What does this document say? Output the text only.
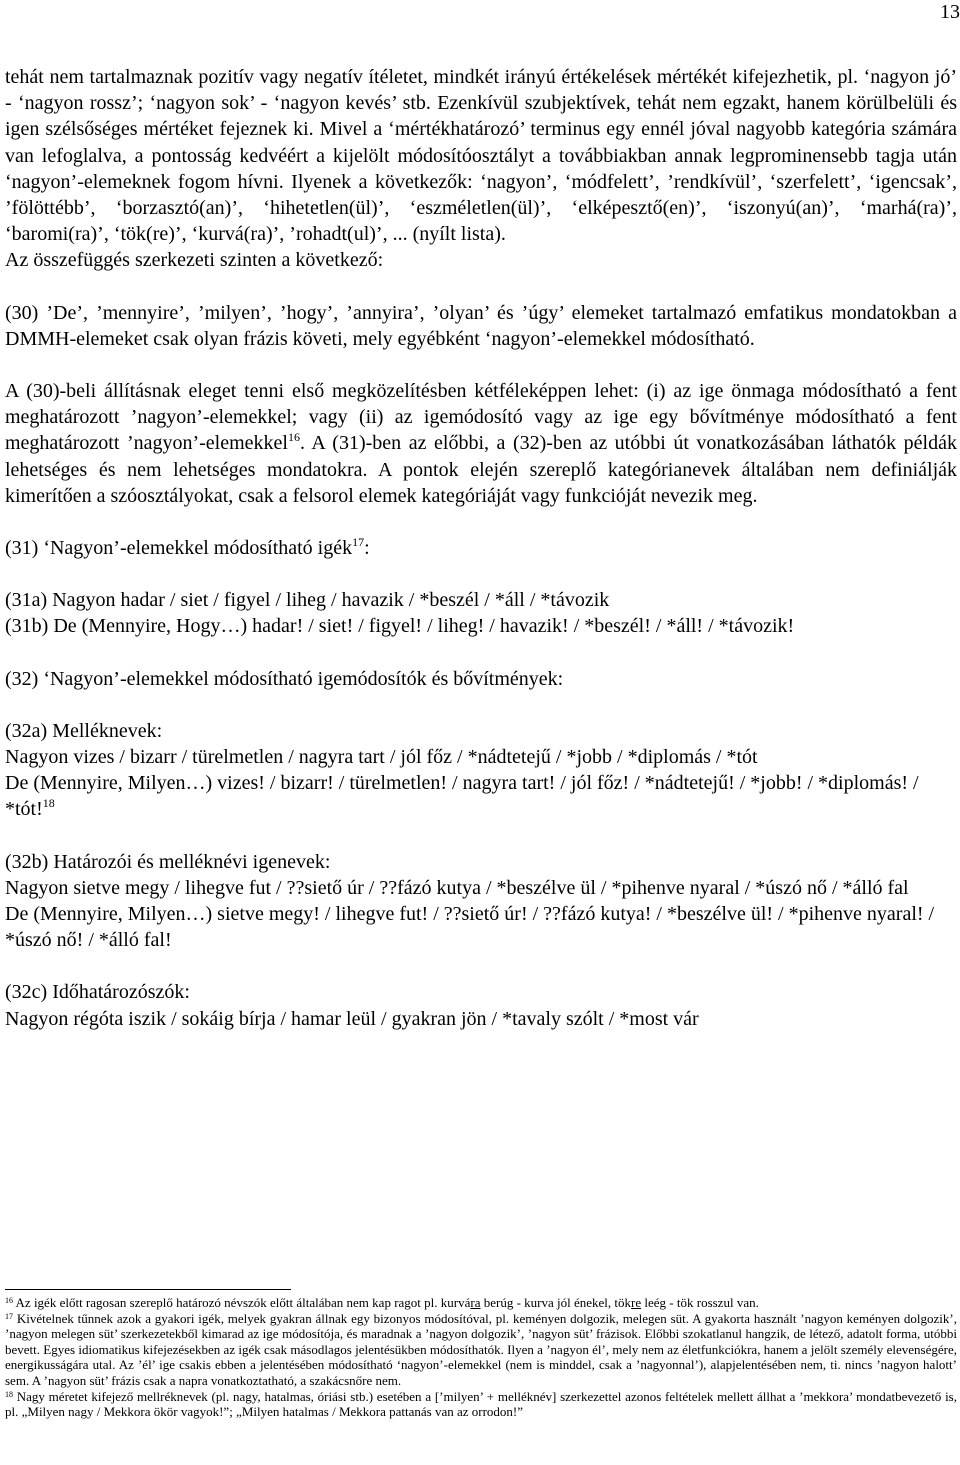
13

tehát nem tartalmaznak pozitív vagy negatív ítéletet, mindkét irányú értékelések mértékét kifejezhetik, pl. ‘nagyon jó’ - ‘nagyon rossz’; ‘nagyon sok’ - ‘nagyon kevés’ stb. Ezenkívül szubjektívek, tehát nem egzakt, hanem körülbelüli és igen szélsőséges mértéket fejeznek ki. Mivel a ‘mértékhatározó’ terminus egy ennél jóval nagyobb kategória számára van lefoglalva, a pontosság kedvéért a kijelölt módosítóosztályt a továbbiakban annak legprominensebb tagja után ‘nagyon’-elemeknek fogom hívni. Ilyenek a következők: ‘nagyon’, ‘módfelett’, ’rendkívül’, ‘szerfelett’, ‘igencsak’, ’fölöttébb’, ‘borzasztó(an)’, ‘hihetetlen(ül)’, ‘eszméletlen(ül)’, ‘elképesztő(en)’, ‘iszonyú(an)’, ‘marhá(ra)’, ‘baromi(ra)’, ‘tök(re)’, ‘kurvá(ra)’, ’rohadt(ul)’, ... (nyílt lista).

Az összefüggés szerkezeti szinten a következő:

(30) ’De’, ’mennyire’, ’milyen’, ’hogy’, ’annyira’, ’olyan’ és ’úgy’ elemeket tartalmazó emfatikus mondatokban a DMMH-elemeket csak olyan frázis követi, mely egyébként ‘nagyon’-elemekkel módosítható.

A (30)-beli állításnak eleget tenni első megközelítésben kétféleképpen lehet: (i) az ige önmaga módosítható a fent meghatározott ’nagyon’-elemekkel; vagy (ii) az igemódosító vagy az ige egy bővítménye módosítható a fent meghatározott ’nagyon’-elemekkel$^{16}$. A (31)-ben az előbbi, a (32)-ben az utóbbi út vonatkozásában láthatók példák lehetséges és nem lehetséges mondatokra. A pontok elején szereplő kategórianevek általában nem definiálják kimerítően a szóosztályokat, csak a felsorol elemek kategóriáját vagy funkcióját nevezik meg.

(31) ‘Nagyon’-elemekkel módosítható igék$^{17}$:

(31a) Nagyon hadar / siet / figyel / liheg / havazik / *beszél / *áll / *távozik

(31b) De (Mennyire, Hogy…) hadar! / siet! / figyel! / liheg! / havazik! / *beszél! / *áll! / *távozik!

(32) ‘Nagyon’-elemekkel módosítható igemódosítók és bővítmények:

(32a) Melléknevek:

Nagyon vizes / bizarr / türelmetlen / nagyra tart / jól főz / *nádtetejű / *jobb / *diplomás / *tót

De (Mennyire, Milyen…) vizes! / bizarr! / türelmetlen! / nagyra tart! / jól főz! / *nádtetejű! / *jobb! / *diplomás! / *tót!$^{18}$

(32b) Határozói és melléknévi igenevek:

Nagyon sietve megy / lihegve fut / ??siető úr / ??fázó kutya / *beszélve ül / *pihenve nyaral / *úszó nő / *álló fal

De (Mennyire, Milyen…) sietve megy! / lihegve fut! / ??siető úr! / ??fázó kutya! / *beszélve ül! / *pihenve nyaral! / *úszó nő! / *álló fal!

(32c) Időhatározószók:

Nagyon régóta iszik / sokáig bírja / hamar leül / gyakran jön / *tavaly szólt / *most vár

$^{16}$ Az igék előtt ragosan szereplő határozó névszók előtt általában nem kap ragot pl. kurvára berúg - kurva jól énekel, tökre leég - tök rosszul van.

$^{17}$ Kivételnek tűnnek azok a gyakori igék, melyek gyakran állnak egy bizonyos módosítóval, pl. keményen dolgozik, melegen süt. A gyakorta használt ’nagyon keményen dolgozik’, ’nagyon melegen süt’ szerkezetekből kimarad az ige módosítója, és maradnak a ’nagyon dolgozik’, ’nagyon süt’ frázisok. Előbbi szokatlanul hangzik, de létező, adatolt forma, utóbbi bevett. Egyes idiomatikus kifejezésekben az igék csak másodlagos jelentésükben módosíthatók. Ilyen a ’nagyon él’, mely nem az életfunkciókra, hanem a jelölt személy elevenségére, energikusságára utal. Az ’él’ ige csakis ebben a jelentésében módosítható ‘nagyon’-elemekkel (nem is minddel, csak a ’nagyonnal’), alapjelentésében nem, ti. nincs ’nagyon halott’ sem. A ’nagyon süt’ frázis csak a napra vonatkoztatható, a szakácsnőre nem.

$^{18}$ Nagy méretet kifejező mellréknevek (pl. nagy, hatalmas, óriási stb.) esetében a [’milyen’ + melléknév] szerkezettel azonos feltételek mellett állhat a ’mekkora’ mondatbevezető is, pl. „Milyen nagy / Mekkora ökör vagyok!”; „Milyen hatalmas / Mekkora pattanás van az orrodon!”
